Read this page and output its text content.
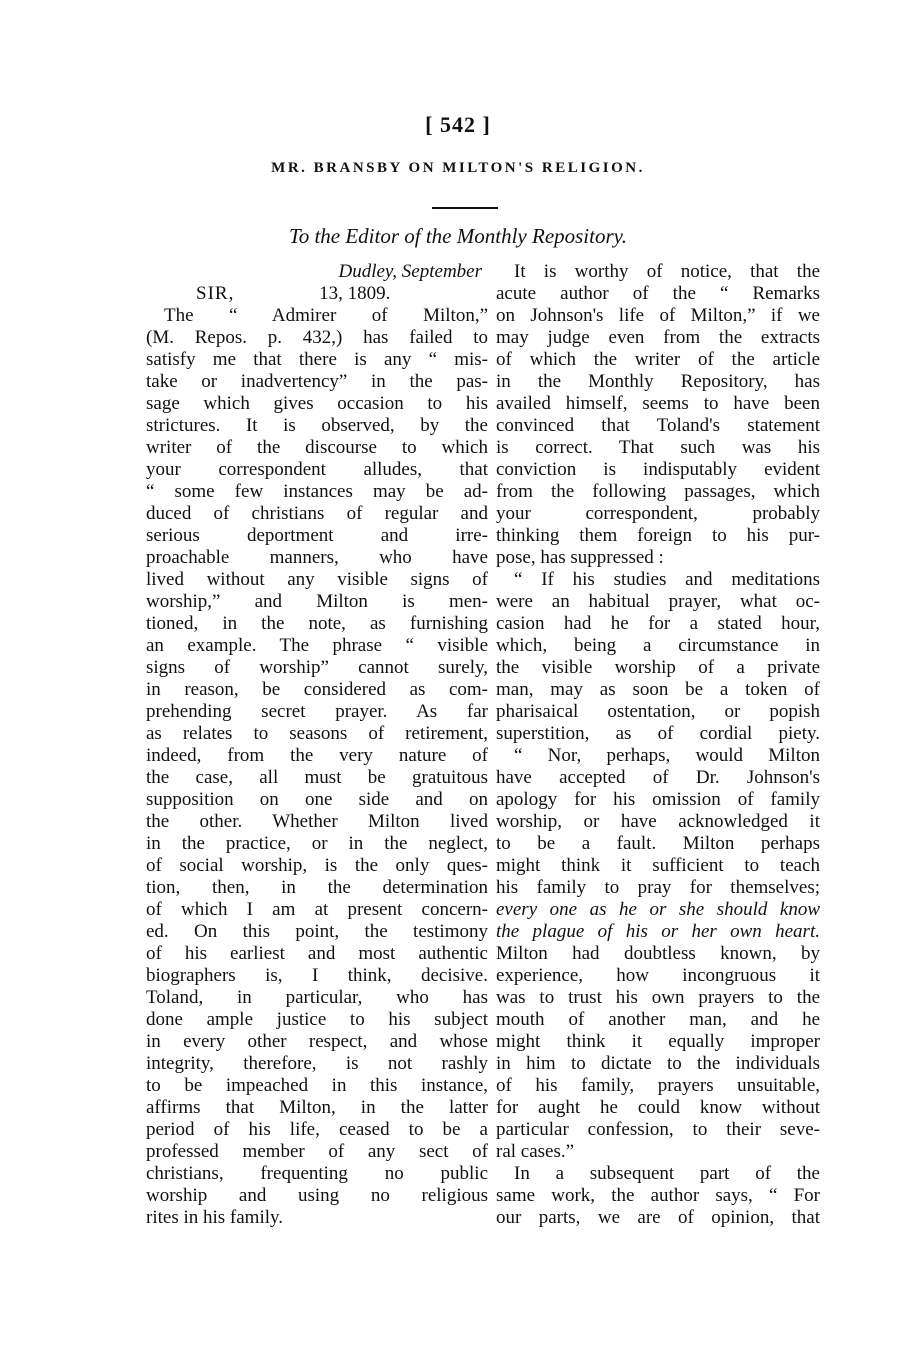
[ 542 ]
MR. BRANSBY ON MILTON'S RELIGION.
To the Editor of the Monthly Repository.
Dudley, September
SIR,	13, 1809.
The “ Admirer of Milton,”
(M. Repos. p. 432,) has failed to
satisfy me that there is any “ mis-
take or inadvertency” in the pas-
sage which gives occasion to his
strictures. It is observed, by the
writer of the discourse to which
your correspondent alludes, that
“ some few instances may be ad-
duced of christians of regular and
serious deportment and irre-
proachable manners, who have
lived without any visible signs of
worship,” and Milton is men-
tioned, in the note, as furnishing
an example. The phrase “ visible
signs of worship” cannot surely,
in reason, be considered as com-
prehending secret prayer. As far
as relates to seasons of retirement,
indeed, from the very nature of
the case, all must be gratuitous
supposition on one side and on
the other. Whether Milton lived
in the practice, or in the neglect,
of social worship, is the only ques-
tion, then, in the determination
of which I am at present concern-
ed. On this point, the testimony
of his earliest and most authentic
biographers is, I think, decisive.
Toland, in particular, who has
done ample justice to his subject
in every other respect, and whose
integrity, therefore, is not rashly
to be impeached in this instance,
affirms that Milton, in the latter
period of his life, ceased to be a
professed member of any sect of
christians, frequenting no public
worship and using no religious
rites in his family.
It is worthy of notice, that the
acute author of the “ Remarks
on Johnson's life of Milton,” if we
may judge even from the extracts
of which the writer of the article
in the Monthly Repository, has
availed himself, seems to have been
convinced that Toland's statement
is correct. That such was his
conviction is indisputably evident
from the following passages, which
your correspondent, probably
thinking them foreign to his pur-
pose, has suppressed :
“ If his studies and meditations
were an habitual prayer, what oc-
casion had he for a stated hour,
which, being a circumstance in
the visible worship of a private
man, may as soon be a token of
pharisaical ostentation, or popish
superstition, as of cordial piety.
“ Nor, perhaps, would Milton
have accepted of Dr. Johnson's
apology for his omission of family
worship, or have acknowledged it
to be a fault. Milton perhaps
might think it sufficient to teach
his family to pray for themselves;
every one as he or she should know
the plague of his or her own heart.
Milton had doubtless known, by
experience, how incongruous it
was to trust his own prayers to the
mouth of another man, and he
might think it equally improper
in him to dictate to the individuals
of his family, prayers unsuitable,
for aught he could know without
particular confession, to their seve-
ral cases.”
In a subsequent part of the
same work, the author says, “ For
our parts, we are of opinion, that
